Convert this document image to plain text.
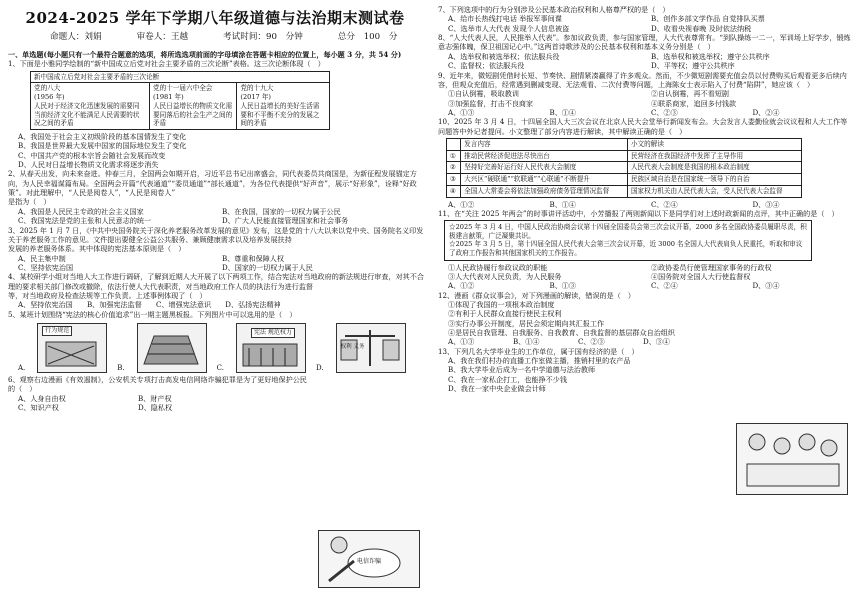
2024-2025 学年下学期八年级道德与法治期末测试卷
命题人：刘娟	审卷人：王越	考试时间：90 分钟	总分 100 分
一、单选题(每小题只有一个最符合题意的选项，将所选选项前面的字母填涂在答题卡相应的位置上，每小题 3 分，共 54 分)
1、下面是小雅同学绘制的“新中国成立后党对社会主要矛盾的三次论断”表格。这三次论断体现（　）
新中国成立后党对社会主要矛盾的三次论断

党的八大
(1956 年)
人民对于经济文化迅速发展的需要同当前经济文化不能满足人民需要的状况之间的矛盾

党的十一届六中全会
(1981 年)
人民日益增长的物质文化需要同落后的社会生产之间的矛盾

党的十九大
(2017 年)
人民日益增长的美好生活需要和不平衡不充分的发展之间的矛盾
A、我国处于社会主义初级阶段的基本国情发生了变化
B、我国是世界最大发展中国家的国际地位发生了变化
C、中国共产党的根本宗旨会随社会发展而改变
D、人民对日益增长物质文化需求将逐步消失
2、从春天出发，向未来奋进。仲春三月，全国两会如期开启，习近平总书记出席盛会，同代表委员共商国是，为新征程发展锚定方向，为人民幸福谋篇布局。全国两会开篇“代表通道”“委员通道”“部长通道”，为各位代表提供“好声音”，展示“好形象”，诠释“好政策”。对此理解中，“人民是阅卷人”，“人民是阅卷人”
是指为（　）
A、我国是人民民主专政的社会主义国家	B、在我国，国家的一切权力属于公民
C、我国宪法是党的主张和人民意志的统一	D、广大人民能直接管理国家和社会事务
3、2025 年 1 月 7 日，《中共中央国务院关于深化养老服务改革发展的意见》发布，这是党的十八大以来以党中央、国务院名义印发关于养老服务工作的意见。文件提出要健全公益公共服务、兼顾健康需求以及培养发展扶持
发展的养老服务体系。其中体现的宪法基本原则是（　）
A、民主集中制	B、尊重和保障人权
C、坚持依宪治国	D、国家的一切权力属于人民
4、某校研学小组对当地人大工作进行调研，了解到近期人大开展了以下两项工作，结合宪法对当地政府的新法规进行审查，对其不合理的要求相关部门修改或撤除，依法行使人大代表职责，对当地政府工作人员的执法行为进行监督
等，对当地政府及检查法规等工作负责。上述事例体现了（　）
A、坚持依宪治国　　B、加强宪法监督　　C、增强宪法意识　　D、弘扬宪法精神
5、某班计划围绕“宪法的核心价值追求”出一期主题黑板报。下列图片中可以选用的是（　）
A.
行为规范
B.	C.
宪法 规范权力
D.
权利 义务
6、观察右边漫画《有效遏制》，公安机关专项打击高发电信网络诈骗犯罪是为了更好地保护公民的（　）
A、人身自由权	B、财产权
C、知识产权	D、隐私权
电信诈骗
7、下列选项中的行为分别涉及公民基本政治权利和人格尊严权的是（　）
A、给市长热线打电话 举报军事间谍	B、创作多部文学作品 自觉排队买票
C、选举市人大代表 发现个人信息被盗	D、收看央视春晚 及时依法纳税
8、“人大代表人民，人民推举人代表”。参加议政负责，参与国家管理，人大代表尊常有。“到队操练一二一，军训场上好学步，锻炼意志强体魄，保卫祖国记心中。”这两首诗歌涉及的公民基本权利和基本义务分别是（　）
A、选举权和被选举权；依法服兵役	B、选举权和被选举权；遵守公共秩序
C、监督权；依法服兵役	D、平等权；遵守公共秩序
9、近年来，微短剧凭借时长短、节奏快、剧情紧凑赢得了许多观众。然而，不少微短剧需要充值会员以付费购买后观看更多后续内容，但观众充值后，经常遇到删减变现、无法观看、二次付费等问题，上海陈女士表示陷入了付费“陷阱”，她应该（　）
①自认倒霉，吸取教训	②自认倒霉，再不看短剧
③加强监督，打击不良商家	④联系商家，追回多付钱款
A、①③	B、①④	C、②③	D、②④
10、2025 年 3 月 4 日，十四届全国人大三次会议在北京人民大会堂举行新闻发布会。大会发言人娄勤俭就会议议程和人大工作等问题答中外记者提问。小文整理了部分内容进行解读，其中解读正确的是（　）
	发言内容	小文的解读
①	推动民营经济促进法尽快出台	民营经济在我国经济中发挥了主导作用
②	坚持好完善好运行好人民代表大会制度	人民代表大会制度是我国的根本政治制度
③	大兴区“硬联通”“软联通”“心联通”不断提升	民族区域自治是在国家统一领导下的自治
④	全国人大常委会将依法加强政府债务管理情况监督	国家权力机关由人民代表大会，受人民代表大会监督
A、①②	B、①④	C、②④	D、③④
11、在“关注 2025 年两会”的时事讲评活动中，小芳播报了两则新闻以下是同学们对上述时政新闻的点评，其中正确的是（　）
☆2025 年 3 月 4 日，中国人民政治协商会议第十四届全国委员会第三次会议开幕，2000 多名全国政协委员履职尽责，积极建言献策，广泛凝聚共识。
☆2025 年 3 月 5 日，第十四届全国人民代表大会第三次会议开幕，近 3000 名全国人大代表肩负人民重托，听取和审议了政府工作报告和其他国家机关的工作报告。
①人民政协履行参政议政的职能	②政协委员行使管理国家事务的行政权
③人大代表对人民负责，为人民服务	④国务院对全国人大行使监督权
A、①②	B、①③	C、②④	D、③④
12、漫画《群众议事会》，对下列漫画的解读，错误的是（　）
①体现了我国的一项根本政治制度
②有利于人民群众直接行使民主权利
③实行办事公开制度，居民会须定期向其汇报工作
④是居民自我管理、自我服务、自我教育、自我监督的基层群众自治组织
A、①③	B、①④	C、②③	D、③④
13、下列几名大学毕业生的工作单位，属于国有经济的是（　）
A、我在我们村办的直播工作室做主播，推销村里的农产品
B、我大学毕业后成为一名中学道德与法治教师
C、我在一家私企打工，也能挣不少钱
D、我在一家中央企业做会计师
